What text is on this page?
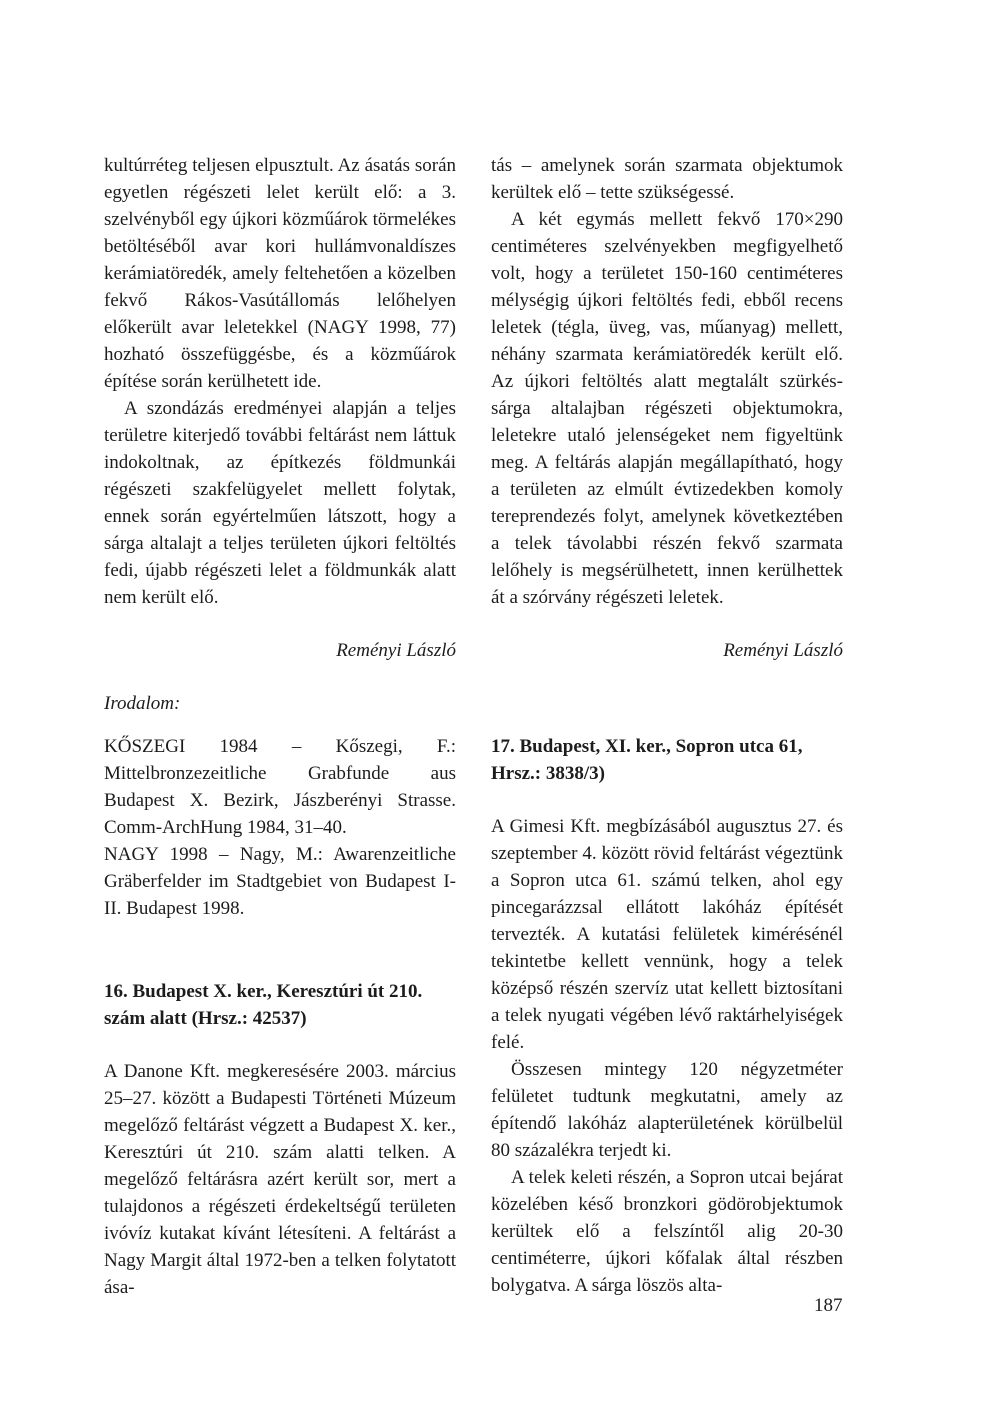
kultúrréteg teljesen elpusztult. Az ásatás során egyetlen régészeti lelet került elő: a 3. szelvényből egy újkori közműárok törmelékes betöltéséből avar kori hullámvonaldíszes kerámiatöredék, amely feltehetően a közelben fekvő Rákos-Vasútállomás lelőhelyen előkerült avar leletekkel (NAGY 1998, 77) hozható összefüggésbe, és a közműárok építése során kerülhetett ide.

A szondázás eredményei alapján a teljes területre kiterjedő további feltárást nem láttuk indokoltnak, az építkezés földmunkái régészeti szakfelügyelet mellett folytak, ennek során egyértelműen látszott, hogy a sárga altalajt a teljes területen újkori feltöltés fedi, újabb régészeti lelet a földmunkák alatt nem került elő.

Reményi László

Irodalom:

tás – amelynek során szarmata objektumok kerültek elő – tette szükségessé.

A két egymás mellett fekvő 170×290 centiméteres szelvényekben megfigyelhető volt, hogy a területet 150-160 centiméteres mélységig újkori feltöltés fedi, ebből recens leletek (tégla, üveg, vas, műanyag) mellett, néhány szarmata kerámiatöredék került elő. Az újkori feltöltés alatt megtalált szürkés-sárga altalajban régészeti objektumokra, leletekre utaló jelenségeket nem figyeltünk meg. A feltárás alapján megállapítható, hogy a területen az elmúlt évtizedekben komoly tereprendezés folyt, amelynek következtében a telek távolabbi részén fekvő szarmata lelőhely is megsérülhetett, innen kerülhettek át a szórvány régészeti leletek.

Reményi László

KŐSZEGI 1984 – Kőszegi, F.: Mittelbronzezeitliche Grabfunde aus Budapest X. Bezirk, Jászberényi Strasse. Comm-ArchHung 1984, 31–40.

NAGY 1998 – Nagy, M.: Awarenzeitliche Gräberfelder im Stadtgebiet von Budapest I-II. Budapest 1998.

16. Budapest X. ker., Keresztúri út 210. szám alatt (Hrsz.: 42537)

A Danone Kft. megkeresésére 2003. március 25–27. között a Budapesti Történeti Múzeum megelőző feltárást végzett a Budapest X. ker., Keresztúri út 210. szám alatti telken. A megelőző feltárásra azért került sor, mert a tulajdonos a régészeti érdekeltségű területen ivóvíz kutakat kívánt létesíteni. A feltárást a Nagy Margit által 1972-ben a telken folytatott ása-

17. Budapest, XI. ker., Sopron utca 61, Hrsz.: 3838/3)

A Gimesi Kft. megbízásából augusztus 27. és szeptember 4. között rövid feltárást végeztünk a Sopron utca 61. számú telken, ahol egy pincegarázzsal ellátott lakóház építését tervezték. A kutatási felületek kimérésénél tekintetbe kellett vennünk, hogy a telek középső részén szervíz utat kellett biztosítani a telek nyugati végében lévő raktárhelyiségek felé.

Összesen mintegy 120 négyzetméter felületet tudtunk megkutatni, amely az építendő lakóház alapterületének körülbelül 80 százalékra terjedt ki.

A telek keleti részén, a Sopron utcai bejárat közelében késő bronzkori gödörobjektumok kerültek elő a felszíntől alig 20-30 centiméterre, újkori kőfalak által részben bolygatva. A sárga löszös alta-

187
